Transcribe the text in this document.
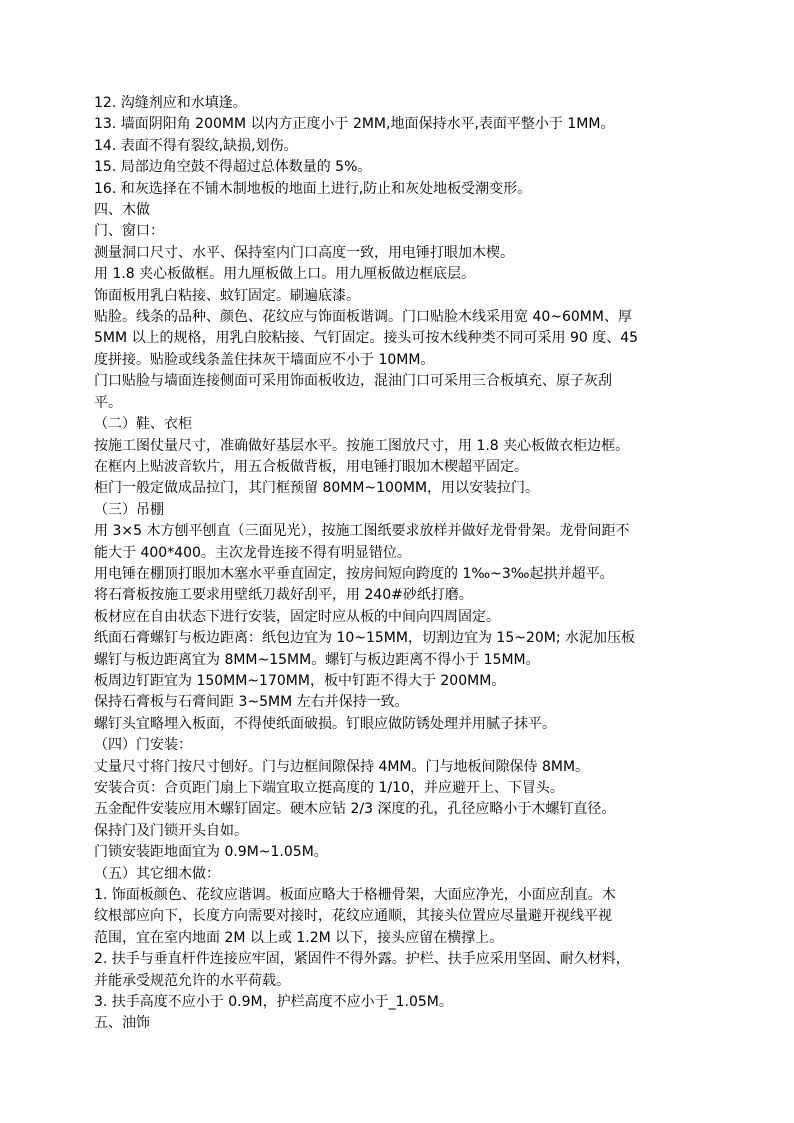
12. 沟缝剂应和水填逢。
13. 墙面阴阳角 200MM 以内方正度小于 2MM,地面保持水平,表面平整小于 1MM。
14. 表面不得有裂纹,缺损,划伤。
15. 局部边角空鼓不得超过总体数量的 5%。
16. 和灰选择在不铺木制地板的地面上进行,防止和灰处地板受潮变形。
四、木做
门、窗口：
测量洞口尺寸、水平、保持室内门口高度一致，用电锤打眼加木楔。
用 1.8 夹心板做框。用九厘板做上口。用九厘板做边框底层。
饰面板用乳白粘接、蚊钉固定。刷遍底漆。
贴脸。线条的品种、颜色、花纹应与饰面板谐调。门口贴脸木线采用宽 40~60MM、厚
5MM 以上的规格，用乳白胶粘接、气钉固定。接头可按木线种类不同可采用 90 度、45
度拼接。贴脸或线条盖住抹灰干墙面应不小于 10MM。
门口贴脸与墙面连接侧面可采用饰面板收边，混油门口可采用三合板填充、原子灰刮
平。
（二）鞋、衣柜
按施工图仗量尺寸，准确做好基层水平。按施工图放尺寸，用 1.8 夹心板做衣柜边框。
在框内上贴波音软片，用五合板做背板，用电锤打眼加木楔超平固定。
柜门一般定做成品拉门，其门框预留 80MM~100MM，用以安装拉门。
（三）吊棚
用 3×5 木方刨平刨直（三面见光），按施工图纸要求放样并做好龙骨骨架。龙骨间距不
能大于 400*400。主次龙骨连接不得有明显错位。
用电锤在棚顶打眼加木塞水平垂直固定，按房间短向跨度的 1‰~3‰起拱并超平。
将石膏板按施工要求用壁纸刀裁好刮平，用 240#砂纸打磨。
板材应在自由状态下进行安装，固定时应从板的中间向四周固定。
纸面石膏螺钉与板边距离：纸包边宜为 10~15MM，切割边宜为 15~20M; 水泥加压板
螺钉与板边距离宜为 8MM~15MM。螺钉与板边距离不得小于 15MM。
板周边钉距宜为 150MM~170MM，板中钉距不得大于 200MM。
保持石膏板与石膏间距 3~5MM 左右并保持一致。
螺钉头宜略埋入板面，不得使纸面破损。钉眼应做防锈处理并用腻子抹平。
（四）门安装：
丈量尺寸将门按尺寸刨好。门与边框间隙保持 4MM。门与地板间隙保侍 8MM。
安装合页：合页距门扇上下端宜取立挺高度的 1/10，并应避开上、下冒头。
五金配件安装应用木螺钉固定。硬木应钻 2/3 深度的孔，孔径应略小于木螺钉直径。
保持门及门锁开头自如。
门锁安装距地面宜为 0.9M~1.05M。
（五）其它细木做：
1. 饰面板颜色、花纹应谐调。板面应略大于格栅骨架，大面应净光，小面应刮直。木
纹根部应向下，长度方向需要对接时，花纹应通顺，其接头位置应尽量避开视线平视
范围，宜在室内地面 2M 以上或 1.2M 以下，接头应留在横撑上。
2. 扶手与垂直杆件连接应牢固，紧固件不得外露。护栏、扶手应采用坚固、耐久材料，
并能承受规范允许的水平荷载。
3. 扶手高度不应小于 0.9M，护栏高度不应小于_1.05M。
五、油饰
